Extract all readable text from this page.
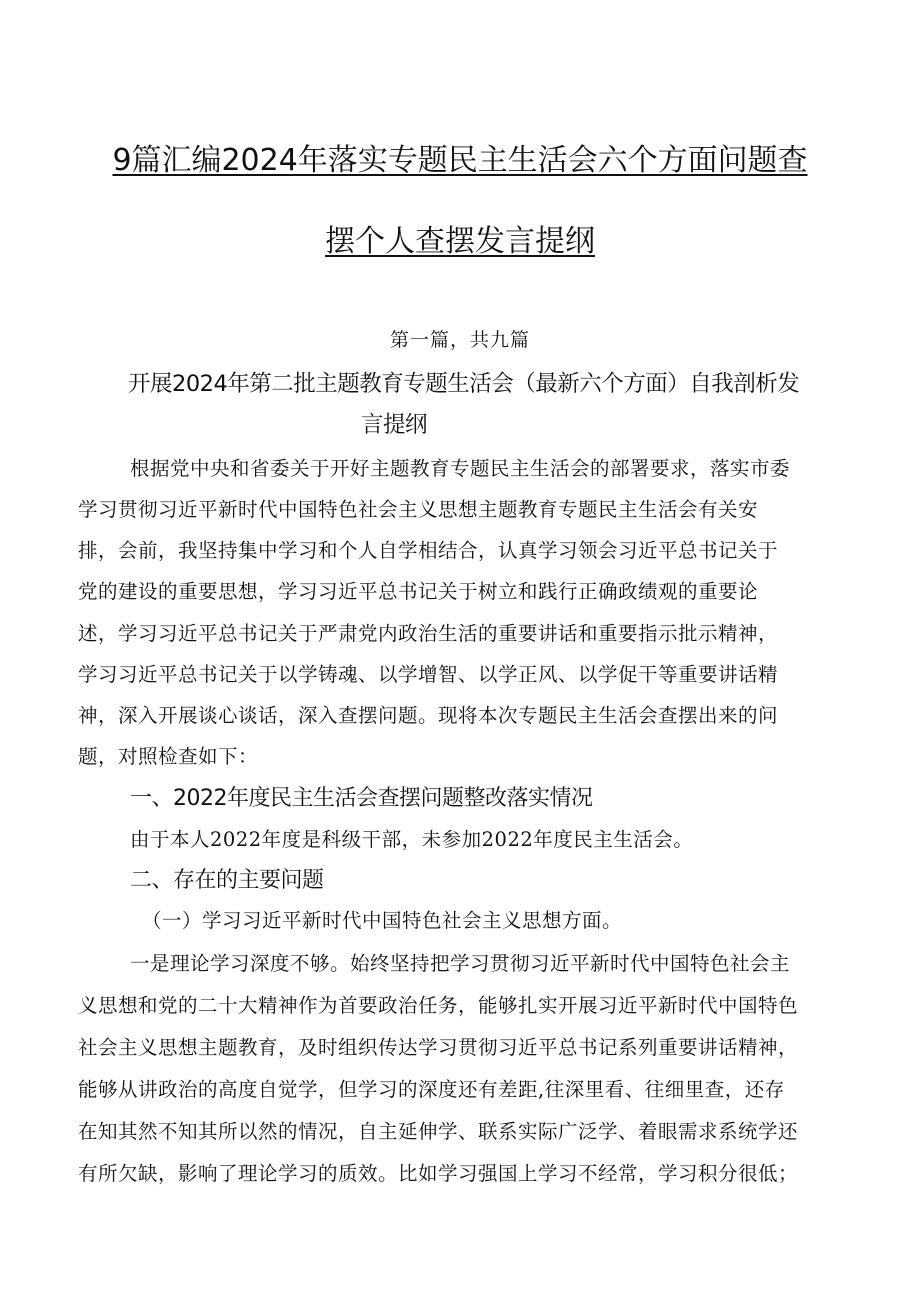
9篇汇编2024年落实专题民主生活会六个方面问题查
摆个人查摆发言提纲
第一篇，共九篇
开展2024年第二批主题教育专题生活会（最新六个方面）自我剖析发
言提纲
根据党中央和省委关于开好主题教育专题民主生活会的部署要求，落实市委
学习贯彻习近平新时代中国特色社会主义思想主题教育专题民主生活会有关安
排，会前，我坚持集中学习和个人自学相结合，认真学习领会习近平总书记关于
党的建设的重要思想，学习习近平总书记关于树立和践行正确政绩观的重要论
述，学习习近平总书记关于严肃党内政治生活的重要讲话和重要指示批示精神，
学习习近平总书记关于以学铸魂、以学增智、以学正风、以学促干等重要讲话精
神，深入开展谈心谈话，深入查摆问题。现将本次专题民主生活会查摆出来的问
题，对照检查如下：
一、2022年度民主生活会查摆问题整改落实情况
由于本人2022年度是科级干部，未参加2022年度民主生活会。
二、存在的主要问题
（一）学习习近平新时代中国特色社会主义思想方面。
一是理论学习深度不够。始终坚持把学习贯彻习近平新时代中国特色社会主
义思想和党的二十大精神作为首要政治任务，能够扎实开展习近平新时代中国特色
社会主义思想主题教育，及时组织传达学习贯彻习近平总书记系列重要讲话精神，
能够从讲政治的高度自觉学，但学习的深度还有差距,往深里看、往细里查，还存
在知其然不知其所以然的情况，自主延伸学、联系实际广泛学、着眼需求系统学还
有所欠缺，影响了理论学习的质效。比如学习强国上学习不经常，学习积分很低；
